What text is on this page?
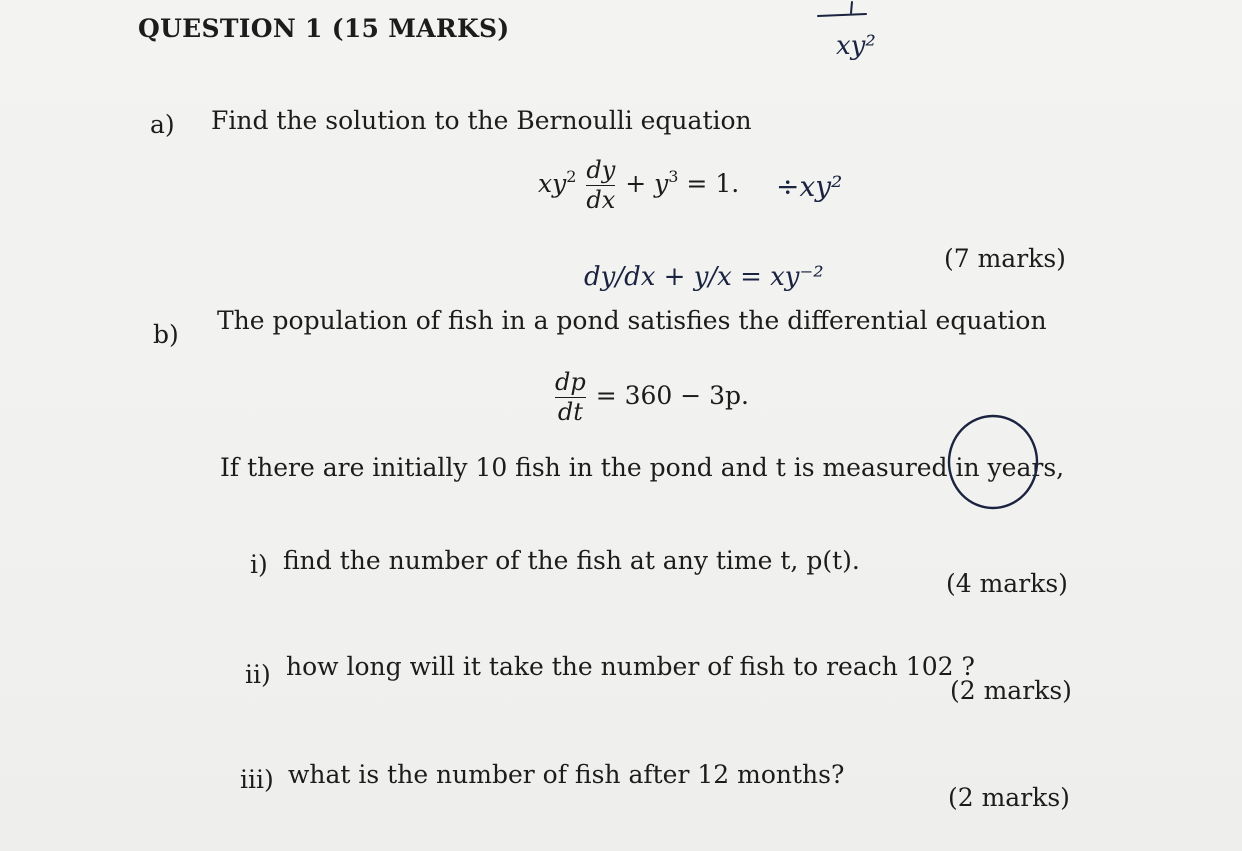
QUESTION 1 (15 MARKS)
a) Find the solution to the Bernoulli equation
$xy^2 \frac{dy}{dx} + y^3 = 1$.
(7 marks)
b) The population of fish in a pond satisfies the differential equation
$\frac{dp}{dt} = 360 - 3p$.
If there are initially 10 fish in the pond and t is measured in years,
i) find the number of the fish at any time t, p(t).
(4 marks)
ii) how long will it take the number of fish to reach 102 ?
(2 marks)
iii) what is the number of fish after 12 months?
(2 marks)
xy²
÷xy²
dy/dx + y/x = xy⁻²
